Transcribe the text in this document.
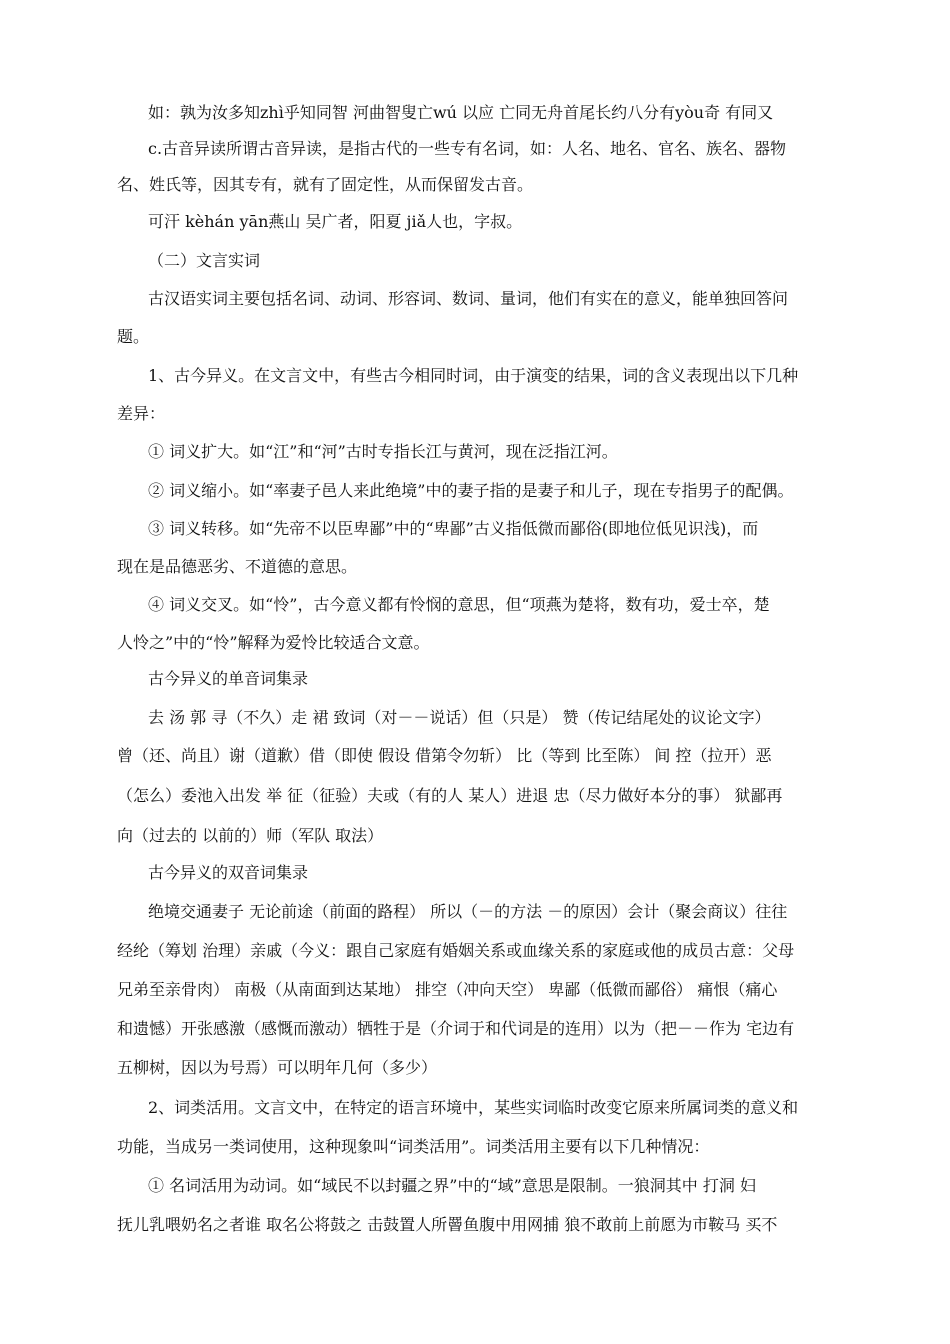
如：孰为汝多知zhì乎知同智 河曲智叟亡wú 以应 亡同无舟首尾长约八分有yòu奇 有同又
c.古音异读所谓古音异读，是指古代的一些专有名词，如：人名、地名、官名、族名、器物
名、姓氏等，因其专有，就有了固定性，从而保留发古音。
可汗 kèhán yān燕山 吴广者，阳夏 jiǎ人也，字叔。
（二）文言实词
古汉语实词主要包括名词、动词、形容词、数词、量词，他们有实在的意义，能单独回答问
题。
1、古今异义。在文言文中，有些古今相同时词，由于演变的结果，词的含义表现出以下几种
差异：
① 词义扩大。如“江”和“河”古时专指长江与黄河，现在泛指江河。
② 词义缩小。如“率妻子邑人来此绝境”中的妻子指的是妻子和儿子，现在专指男子的配偶。
③ 词义转移。如“先帝不以臣卑鄙”中的“卑鄙”古义指低微而鄙俗(即地位低见识浅)，而
现在是品德恶劣、不道德的意思。
④ 词义交叉。如“怜”，古今意义都有怜悯的意思，但“项燕为楚将，数有功，爱士卒，楚
人怜之”中的“怜”解释为爱怜比较适合文意。
古今异义的单音词集录
去 汤 郭 寻（不久）走 裙 致词（对－－说话）但（只是） 赞（传记结尾处的议论文字）
曾（还、尚且）谢（道歉）借（即使 假设 借第令勿斩） 比（等到 比至陈） 间 控（拉开）恶
（怎么）委池入出发 举 征（征验）夫或（有的人 某人）进退 忠（尽力做好本分的事） 狱鄙再
向（过去的 以前的）师（军队 取法）
古今异义的双音词集录
绝境交通妻子 无论前途（前面的路程） 所以（－的方法 －的原因）会计（聚会商议）往往
经纶（筹划 治理）亲戚（今义：跟自己家庭有婚姻关系或血缘关系的家庭或他的成员古意：父母
兄弟至亲骨肉） 南极（从南面到达某地） 排空（冲向天空） 卑鄙（低微而鄙俗） 痛恨（痛心
和遗憾）开张感激（感慨而激动）牺牲于是（介词于和代词是的连用）以为（把－－作为 宅边有
五柳树，因以为号焉）可以明年几何（多少）
2、词类活用。文言文中，在特定的语言环境中，某些实词临时改变它原来所属词类的意义和
功能，当成另一类词使用，这种现象叫“词类活用”。词类活用主要有以下几种情况：
① 名词活用为动词。如“域民不以封疆之界”中的“域”意思是限制。一狼洞其中 打洞 妇
抚儿乳喂奶名之者谁 取名公将鼓之 击鼓置人所罾鱼腹中用网捕 狼不敢前上前愿为市鞍马 买不
